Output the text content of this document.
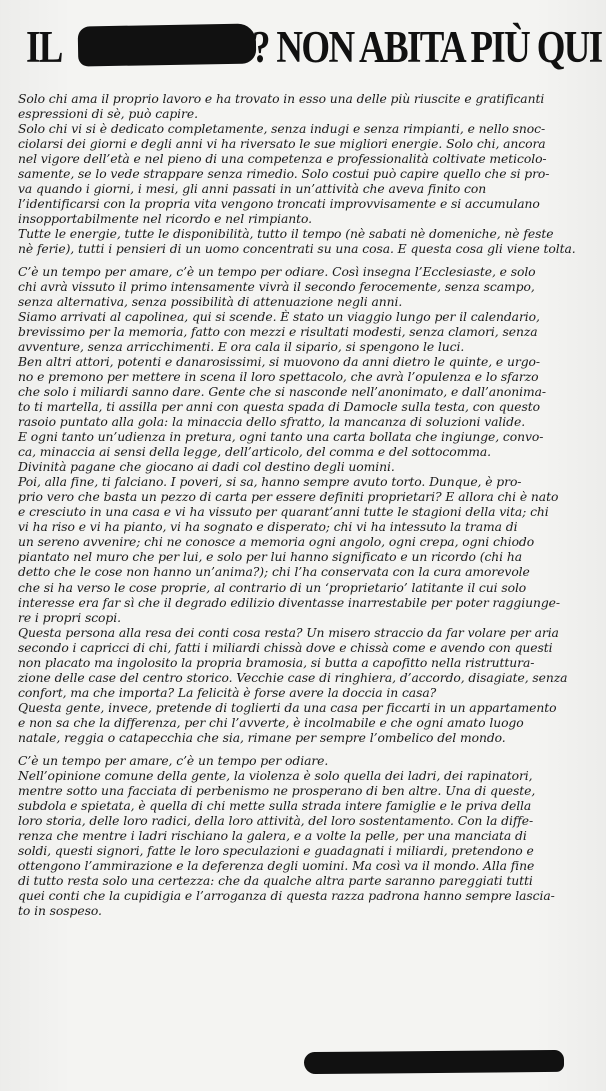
IL	? NON ABITA PIÙ QUI

Solo chi ama il proprio lavoro e ha trovato in esso una delle più riuscite e gratificanti
espressioni di sè, può capire.
Solo chi vi si è dedicato completamente, senza indugi e senza rimpianti, e nello snoc-
ciolarsi dei giorni e degli anni vi ha riversato le sue migliori energie. Solo chi, ancora
nel vigore dell’età e nel pieno di una competenza e professionalità coltivate meticolo-
samente, se lo vede strappare senza rimedio. Solo costui può capire quello che si pro-
va quando i giorni, i mesi, gli anni passati in un’attività che aveva finito con
l’identificarsi con la propria vita vengono troncati improvvisamente e si accumulano
insopportabilmente nel ricordo e nel rimpianto.
Tutte le energie, tutte le disponibilità, tutto il tempo (nè sabati nè domeniche, nè feste
nè ferie), tutti i pensieri di un uomo concentrati su una cosa. E questa cosa gli viene tolta.

C’è un tempo per amare, c’è un tempo per odiare. Così insegna l’Ecclesiaste, e solo
chi avrà vissuto il primo intensamente vivrà il secondo ferocemente, senza scampo,
senza alternativa, senza possibilità di attenuazione negli anni.
Siamo arrivati al capolinea, qui si scende. È stato un viaggio lungo per il calendario,
brevissimo per la memoria, fatto con mezzi e risultati modesti, senza clamori, senza
avventure, senza arricchimenti. E ora cala il sipario, si spengono le luci.
Ben altri attori, potenti e danarosissimi, si muovono da anni dietro le quinte, e urgo-
no e premono per mettere in scena il loro spettacolo, che avrà l’opulenza e lo sfarzo
che solo i miliardi sanno dare. Gente che si nasconde nell’anonimato, e dall’anonima-
to ti martella, ti assilla per anni con questa spada di Damocle sulla testa, con questo
rasoio puntato alla gola: la minaccia dello sfratto, la mancanza di soluzioni valide.
E ogni tanto un’udienza in pretura, ogni tanto una carta bollata che ingiunge, convo-
ca, minaccia ai sensi della legge, dell’articolo, del comma e del sottocomma.
Divinità pagane che giocano ai dadi col destino degli uomini.
Poi, alla fine, ti falciano. I poveri, si sa, hanno sempre avuto torto. Dunque, è pro-
prio vero che basta un pezzo di carta per essere definiti proprietari? E allora chi è nato
e cresciuto in una casa e vi ha vissuto per quarant’anni tutte le stagioni della vita; chi
vi ha riso e vi ha pianto, vi ha sognato e disperato; chi vi ha intessuto la trama di
un sereno avvenire; chi ne conosce a memoria ogni angolo, ogni crepa, ogni chiodo
piantato nel muro che per lui, e solo per lui hanno significato e un ricordo (chi ha
detto che le cose non hanno un’anima?); chi l’ha conservata con la cura amorevole
che si ha verso le cose proprie, al contrario di un ‘proprietario’ latitante il cui solo
interesse era far sì che il degrado edilizio diventasse inarrestabile per poter raggiunge-
re i propri scopi.
Questa persona alla resa dei conti cosa resta? Un misero straccio da far volare per aria
secondo i capricci di chi, fatti i miliardi chissà dove e chissà come e avendo con questi
non placato ma ingolosito la propria bramosia, si butta a capofitto nella ristruttura-
zione delle case del centro storico. Vecchie case di ringhiera, d’accordo, disagiate, senza
confort, ma che importa? La felicità è forse avere la doccia in casa?
Questa gente, invece, pretende di toglierti da una casa per ficcarti in un appartamento
e non sa che la differenza, per chi l’avverte, è incolmabile e che ogni amato luogo
natale, reggia o catapecchia che sia, rimane per sempre l’ombelico del mondo.

C’è un tempo per amare, c’è un tempo per odiare.
Nell’opinione comune della gente, la violenza è solo quella dei ladri, dei rapinatori,
mentre sotto una facciata di perbenismo ne prosperano di ben altre. Una di queste,
subdola e spietata, è quella di chi mette sulla strada intere famiglie e le priva della
loro storia, delle loro radici, della loro attività, del loro sostentamento. Con la diffe-
renza che mentre i ladri rischiano la galera, e a volte la pelle, per una manciata di
soldi, questi signori, fatte le loro speculazioni e guadagnati i miliardi, pretendono e
ottengono l’ammirazione e la deferenza degli uomini. Ma così va il mondo. Alla fine
di tutto resta solo una certezza: che da qualche altra parte saranno pareggiati tutti
quei conti che la cupidigia e l’arroganza di questa razza padrona hanno sempre lascia-
to in sospeso.
